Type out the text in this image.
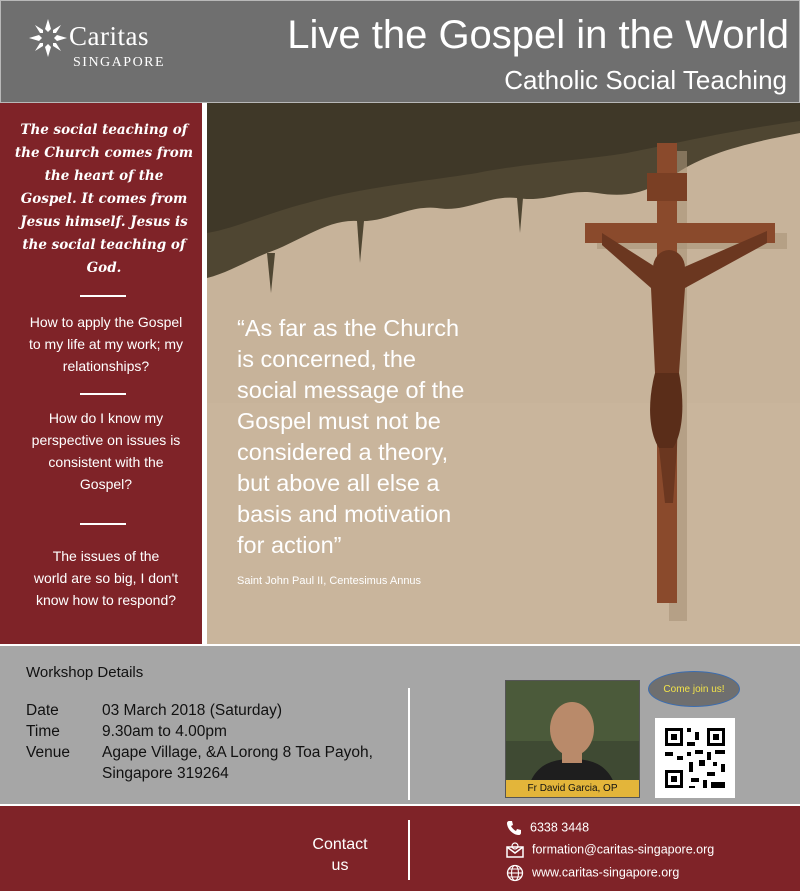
Caritas
SINGAPORE
Live the Gospel in the World
Catholic Social Teaching
The social teaching of
the Church comes from
the heart of the
Gospel. It comes from
Jesus himself. Jesus is
the social teaching of
God.
How to apply the Gospel
to my life at my work; my
relationships?
How do I know my
perspective on issues is
consistent with the
Gospel?
The issues of the
world are so big, I don't
know how to respond?
“As far as the Church
is concerned, the
social message of the
Gospel must not be
considered a theory,
but above all else a
basis and motivation
for action”
Saint John Paul II, Centesimus Annus
Workshop Details
Date	03 March 2018 (Saturday)
Time	9.30am to 4.00pm
Venue Agape Village, &A Lorong 8 Toa Payoh,
Singapore 319264
Fr David Garcia, OP
Come join us!
Contact
us
6338 3448
formation@caritas-singapore.org
www.caritas-singapore.org
